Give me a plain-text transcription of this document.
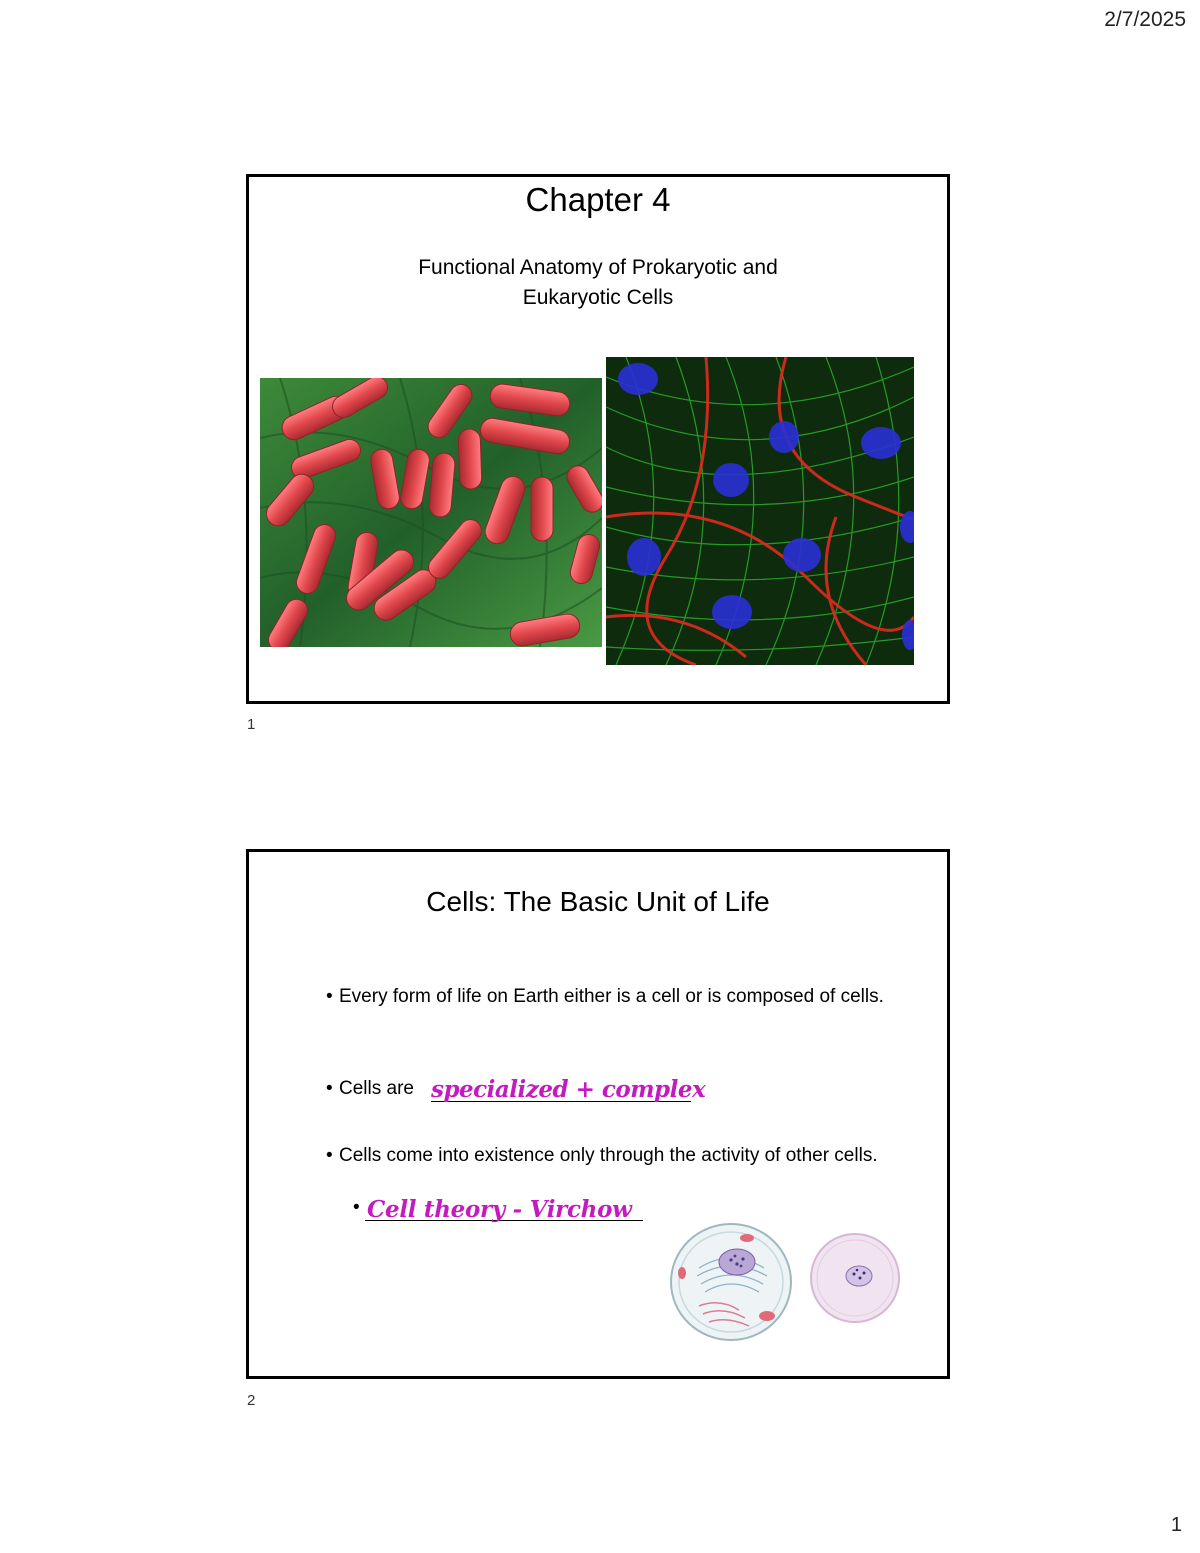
2/7/2025
Chapter 4
Functional Anatomy of Prokaryotic and
Eukaryotic Cells
1
Cells: The Basic Unit of Life
• Every form of life on Earth either is a cell or is composed of cells.
• Cells are specialized + complex
• Cells come into existence only through the activity of other cells.
• Cell theory - Virchow
2
1
